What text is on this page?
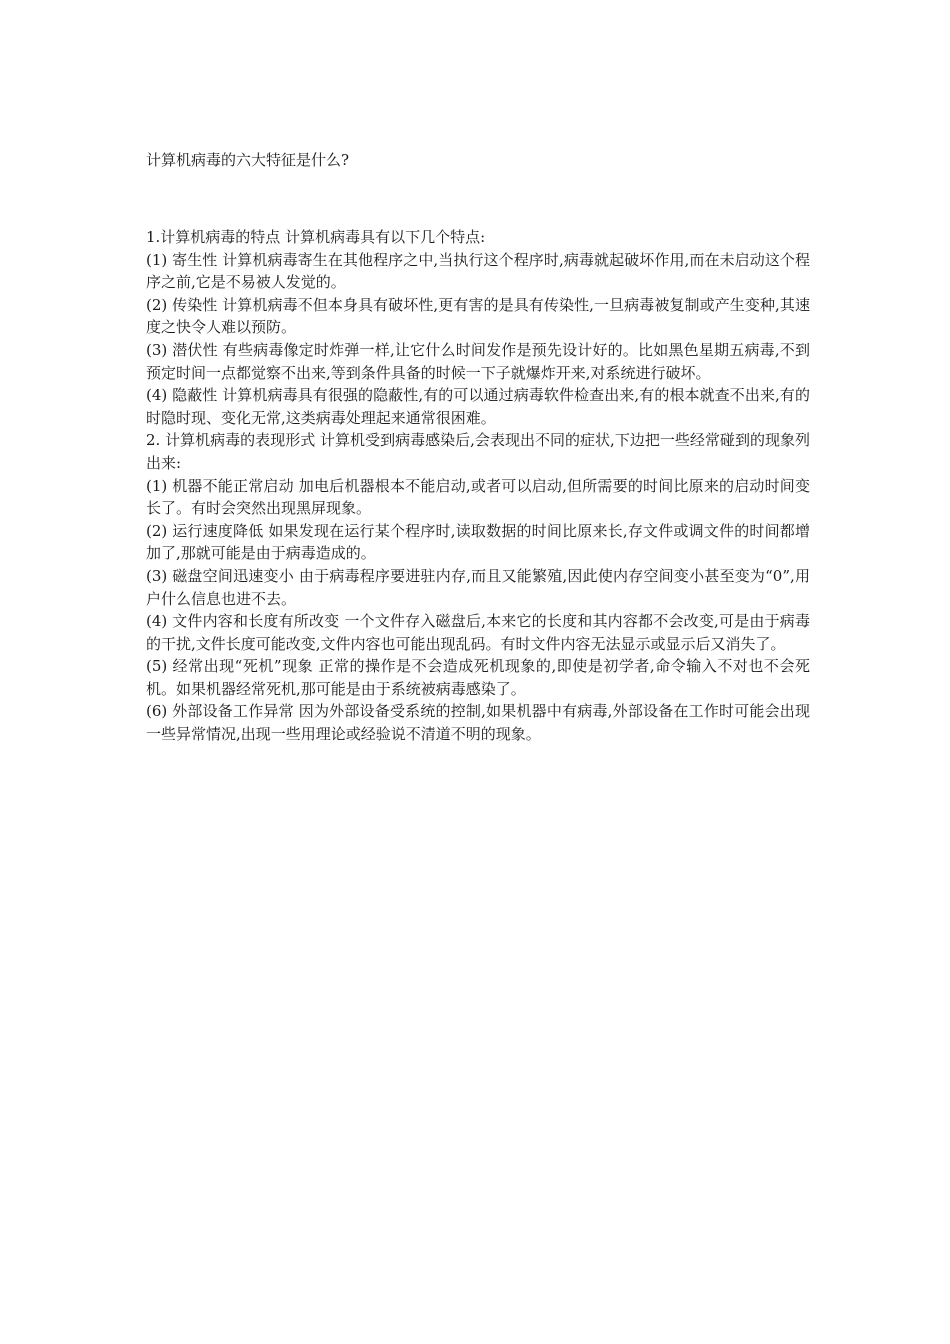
计算机病毒的六大特征是什么?

1.计算机病毒的特点 计算机病毒具有以下几个特点:

(1) 寄生性 计算机病毒寄生在其他程序之中,当执行这个程序时,病毒就起破坏作用,而在未启动这个程序之前,它是不易被人发觉的。

(2) 传染性 计算机病毒不但本身具有破坏性,更有害的是具有传染性,一旦病毒被复制或产生变种,其速度之快令人难以预防。

(3) 潜伏性 有些病毒像定时炸弹一样,让它什么时间发作是预先设计好的。比如黑色星期五病毒,不到预定时间一点都觉察不出来,等到条件具备的时候一下子就爆炸开来,对系统进行破坏。

(4) 隐蔽性 计算机病毒具有很强的隐蔽性,有的可以通过病毒软件检查出来,有的根本就查不出来,有的时隐时现、变化无常,这类病毒处理起来通常很困难。

2. 计算机病毒的表现形式 计算机受到病毒感染后,会表现出不同的症状,下边把一些经常碰到的现象列出来:

(1) 机器不能正常启动 加电后机器根本不能启动,或者可以启动,但所需要的时间比原来的启动时间变长了。有时会突然出现黑屏现象。

(2) 运行速度降低 如果发现在运行某个程序时,读取数据的时间比原来长,存文件或调文件的时间都增加了,那就可能是由于病毒造成的。

(3) 磁盘空间迅速变小 由于病毒程序要进驻内存,而且又能繁殖,因此使内存空间变小甚至变为“0”,用户什么信息也进不去。

(4) 文件内容和长度有所改变 一个文件存入磁盘后,本来它的长度和其内容都不会改变,可是由于病毒的干扰,文件长度可能改变,文件内容也可能出现乱码。有时文件内容无法显示或显示后又消失了。

(5) 经常出现“死机”现象 正常的操作是不会造成死机现象的,即使是初学者,命令输入不对也不会死机。如果机器经常死机,那可能是由于系统被病毒感染了。

(6) 外部设备工作异常 因为外部设备受系统的控制,如果机器中有病毒,外部设备在工作时可能会出现一些异常情况,出现一些用理论或经验说不清道不明的现象。
